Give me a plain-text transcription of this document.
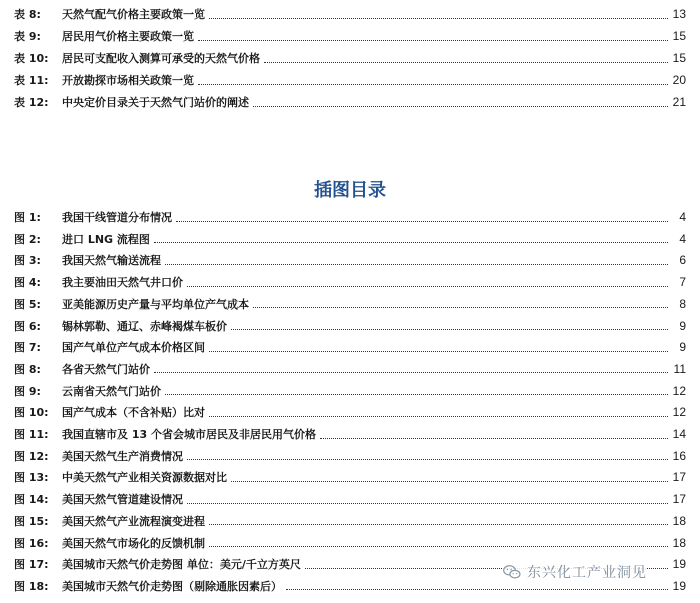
表 8:	天然气配气价格主要政策一览	13
表 9:	居民用气价格主要政策一览	15
表 10:	居民可支配收入测算可承受的天然气价格	15
表 11:	开放勘探市场相关政策一览	20
表 12:	中央定价目录关于天然气门站价的阐述	21
插图目录
图 1:	我国干线管道分布情况	4
图 2:	进口 LNG 流程图	4
图 3:	我国天然气输送流程	6
图 4:	我主要油田天然气井口价	7
图 5:	亚美能源历史产量与平均单位产气成本	8
图 6:	锡林郭勒、通辽、赤峰褐煤车板价	9
图 7:	国产气单位产气成本价格区间	9
图 8:	各省天然气门站价	11
图 9:	云南省天然气门站价	12
图 10:	国产气成本（不含补贴）比对	12
图 11:	我国直辖市及 13 个省会城市居民及非居民用气价格	14
图 12:	美国天然气生产消费情况	16
图 13:	中美天然气产业相关资源数据对比	17
图 14:	美国天然气管道建设情况	17
图 15:	美国天然气产业流程演变进程	18
图 16:	美国天然气市场化的反馈机制	18
图 17:	美国城市天然气价走势图 单位：美元/千立方英尺	19
图 18:	美国城市天然气价走势图（剔除通胀因素后）	19
东兴化工产业洞见
